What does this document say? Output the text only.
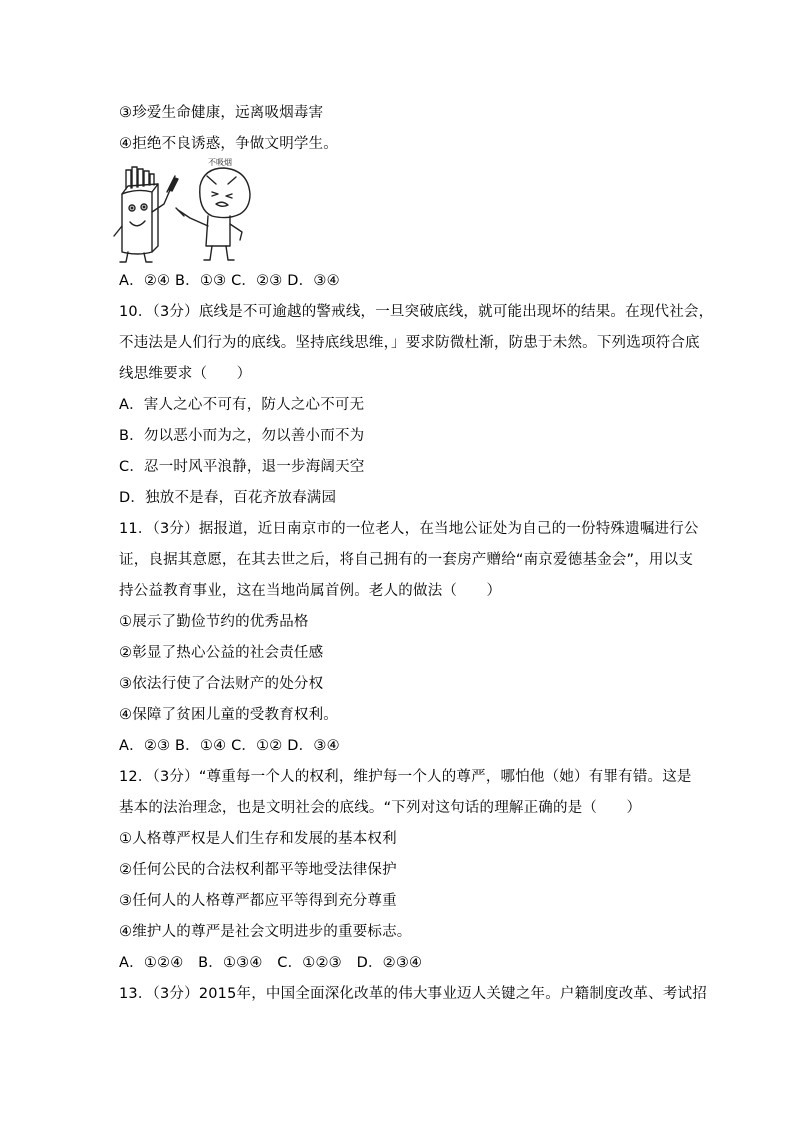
③珍爱生命健康，远离吸烟毒害
④拒绝不良诱惑，争做文明学生。
不吸烟
A．②④ B．①③ C．②③ D．③④
10．（3分）底线是不可逾越的警戒线，一旦突破底线，就可能出现坏的结果。在现代社会，
不违法是人们行为的底线。坚持底线思维，」要求防微杜渐，防患于未然。下列选项符合底
线思维要求（　　）
A．害人之心不可有，防人之心不可无
B．勿以恶小而为之，勿以善小而不为
C．忍一时风平浪静，退一步海阔天空
D．独放不是春，百花齐放春满园
11．（3分）据报道，近日南京市的一位老人，在当地公证处为自己的一份特殊遗嘱进行公
证，良据其意愿，在其去世之后，将自己拥有的一套房产赠给“南京爱德基金会”，用以支
持公益教育事业，这在当地尚属首例。老人的做法（　　）
①展示了勤俭节约的优秀品格
②彰显了热心公益的社会责任感
③依法行使了合法财产的处分权
④保障了贫困儿童的受教育权利。
A．②③ B．①④ C．①② D．③④
12．（3分）“尊重每一个人的权利，维护每一个人的尊严，哪怕他（她）有罪有错。这是
基本的法治理念，也是文明社会的底线。“下列对这句话的理解正确的是（　　）
①人格尊严权是人们生存和发展的基本权利
②任何公民的合法权利都平等地受法律保护
③任何人的人格尊严都应平等得到充分尊重
④维护人的尊严是社会文明进步的重要标志。
A．①②④　B．①③④　C．①②③　D．②③④
13．（3分）2015年，中国全面深化改革的伟大事业迈人关键之年。户籍制度改革、考试招
